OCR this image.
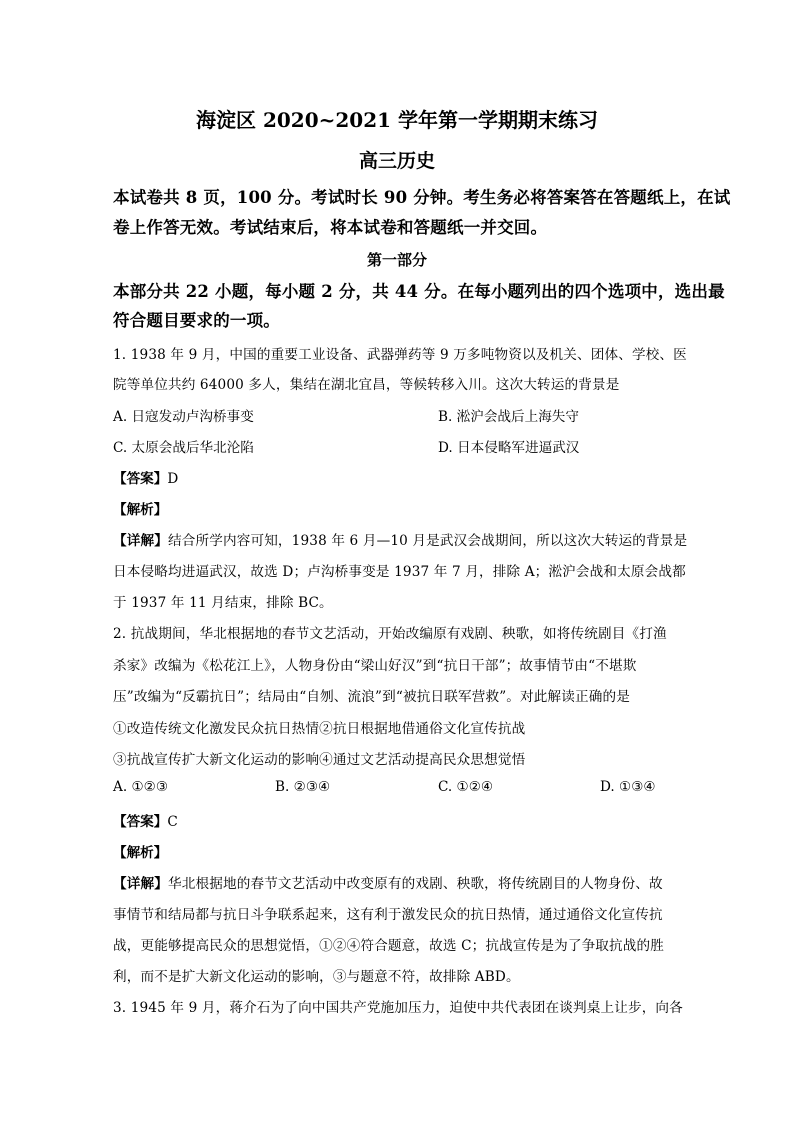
海淀区 2020~2021 学年第一学期期末练习
高三历史
本试卷共 8 页，100 分。考试时长 90 分钟。考生务必将答案答在答题纸上，在试
卷上作答无效。考试结束后，将本试卷和答题纸一并交回。
第一部分
本部分共 22 小题，每小题 2 分，共 44 分。在每小题列出的四个选项中，选出最
符合题目要求的一项。
1. 1938 年 9 月，中国的重要工业设备、武器弹药等 9 万多吨物资以及机关、团体、学校、医
院等单位共约 64000 多人，集结在湖北宜昌，等候转移入川。这次大转运的背景是
A. 日寇发动卢沟桥事变	B. 淞沪会战后上海失守
C. 太原会战后华北沦陷	D. 日本侵略军进逼武汉
【答案】D
【解析】
【详解】结合所学内容可知，1938 年 6 月—10 月是武汉会战期间，所以这次大转运的背景是
日本侵略均进逼武汉，故选 D；卢沟桥事变是 1937 年 7 月，排除 A；淞沪会战和太原会战都
于 1937 年 11 月结束，排除 BC。
2. 抗战期间，华北根据地的春节文艺活动，开始改编原有戏剧、秧歌，如将传统剧目《打渔
杀家》改编为《松花江上》，人物身份由“梁山好汉”到“抗日干部”；故事情节由“不堪欺
压”改编为“反霸抗日”；结局由“自刎、流浪”到“被抗日联军营救”。对此解读正确的是
①改造传统文化激发民众抗日热情②抗日根据地借通俗文化宣传抗战
③抗战宣传扩大新文化运动的影响④通过文艺活动提高民众思想觉悟
A. ①②③	B. ②③④	C. ①②④	D. ①③④
【答案】C
【解析】
【详解】华北根据地的春节文艺活动中改变原有的戏剧、秧歌，将传统剧目的人物身份、故
事情节和结局都与抗日斗争联系起来，这有利于激发民众的抗日热情，通过通俗文化宣传抗
战，更能够提高民众的思想觉悟，①②④符合题意，故选 C；抗战宣传是为了争取抗战的胜
利，而不是扩大新文化运动的影响，③与题意不符，故排除 ABD。
3. 1945 年 9 月，蒋介石为了向中国共产党施加压力，迫使中共代表团在谈判桌上让步，向各
